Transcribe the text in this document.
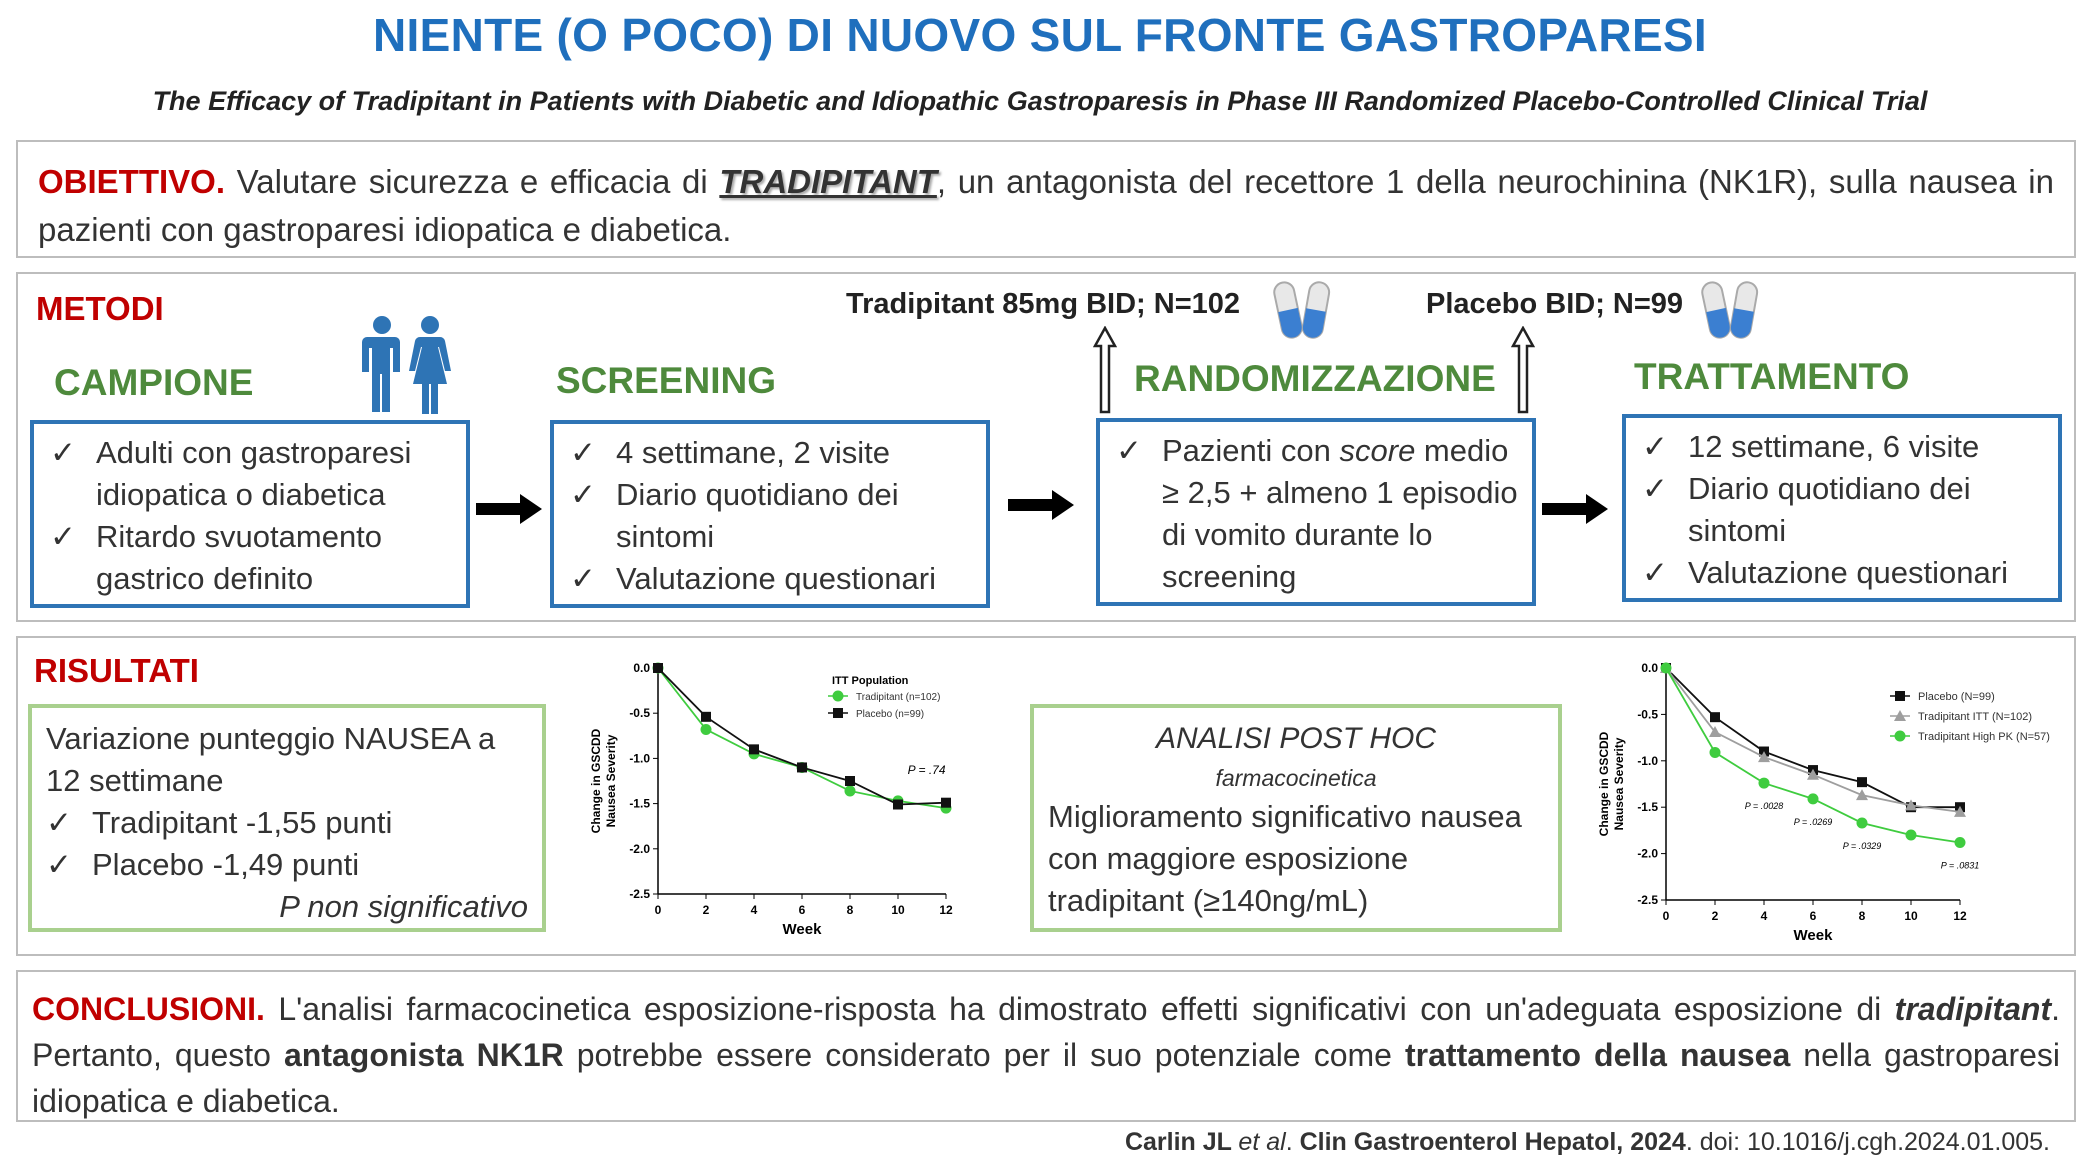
NIENTE (O POCO) DI NUOVO SUL FRONTE GASTROPARESI
The Efficacy of Tradipitant in Patients with Diabetic and Idiopathic Gastroparesis in Phase III Randomized Placebo-Controlled Clinical Trial
OBIETTIVO. Valutare sicurezza e efficacia di TRADIPITANT, un antagonista del recettore 1 della neurochinina (NK1R), sulla nausea in pazienti con gastroparesi idiopatica e diabetica.
METODI	Tradipitant 85mg BID; N=102	Placebo BID; N=99
CAMPIONE	SCREENING	RANDOMIZZAZIONE	TRATTAMENTO
✓ Adulti con gastroparesi idiopatica o diabetica
✓ Ritardo svuotamento gastrico definito
✓ 4 settimane, 2 visite
✓ Diario quotidiano dei sintomi
✓ Valutazione questionari
✓ Pazienti con score medio ≥ 2,5 + almeno 1 episodio di vomito durante lo screening
✓ 12 settimane, 6 visite
✓ Diario quotidiano dei sintomi
✓ Valutazione questionari
RISULTATI
Variazione punteggio NAUSEA a 12 settimane
✓ Tradipitant -1,55 punti
✓ Placebo -1,49 punti
P non significativo
ANALISI POST HOC
farmacocinetica
Miglioramento significativo nausea con maggiore esposizione tradipitant (≥140ng/mL)
0.0
-0.5
-1.0
-1.5
-2.0
-2.5
0	2	4	6	8	10	12
Week
Change in GSCDDNausea Severity
ITT Population
Tradipitant (n=102)
Placebo (n=99)
P = .74
0.0
-0.5
-1.0
-1.5
-2.0
-2.5
0	2	4	6	8	10	12
Week
Change in GSCDDNausea Severity
Placebo (N=99)
Tradipitant ITT (N=102)
Tradipitant High PK (N=57)
P = .0028
P = .0269
P = .0329
P = .0831
CONCLUSIONI. L'analisi farmacocinetica esposizione-risposta ha dimostrato effetti significativi con un'adeguata esposizione di tradipitant. Pertanto, questo antagonista NK1R potrebbe essere considerato per il suo potenziale come trattamento della nausea nella gastroparesi idiopatica e diabetica.
Carlin JL et al. Clin Gastroenterol Hepatol, 2024. doi: 10.1016/j.cgh.2024.01.005.
